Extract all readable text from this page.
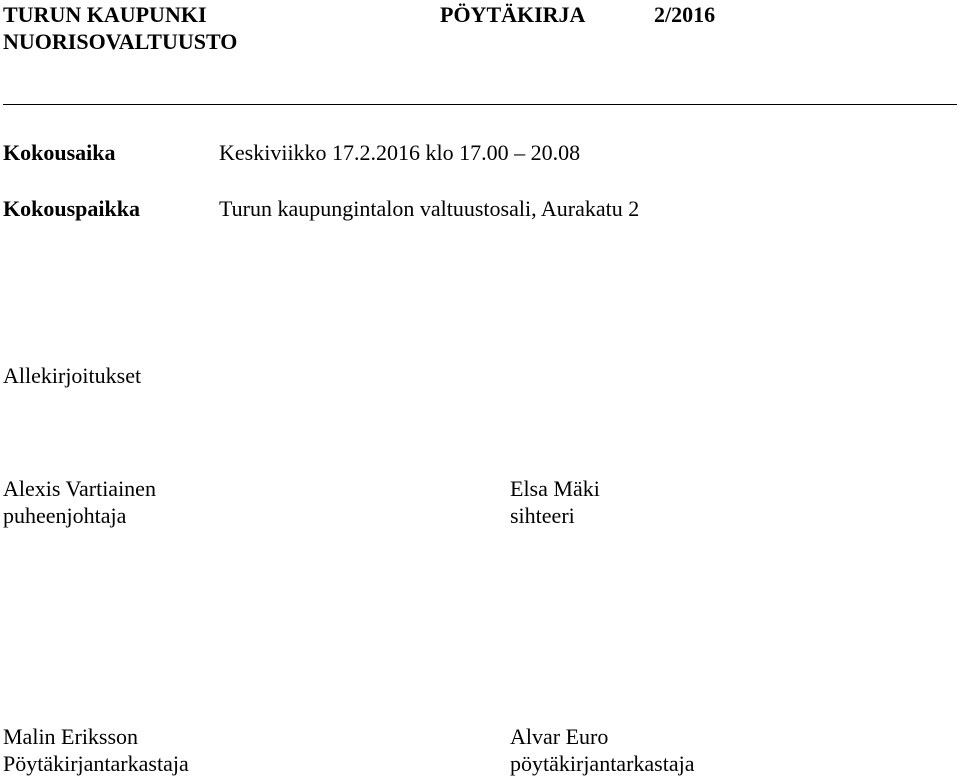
TURUN KAUPUNKI	PÖYTÄKIRJA	2/2016
NUORISOVALTUUSTO
Kokousaika	Keskiviikko 17.2.2016 klo 17.00 – 20.08
Kokouspaikka	Turun kaupungintalon valtuustosali, Aurakatu 2
Allekirjoitukset
Alexis Vartiainen
puheenjohtaja
Elsa Mäki
sihteeri
Malin Eriksson
Pöytäkirjantarkastaja
Alvar Euro
pöytäkirjantarkastaja
